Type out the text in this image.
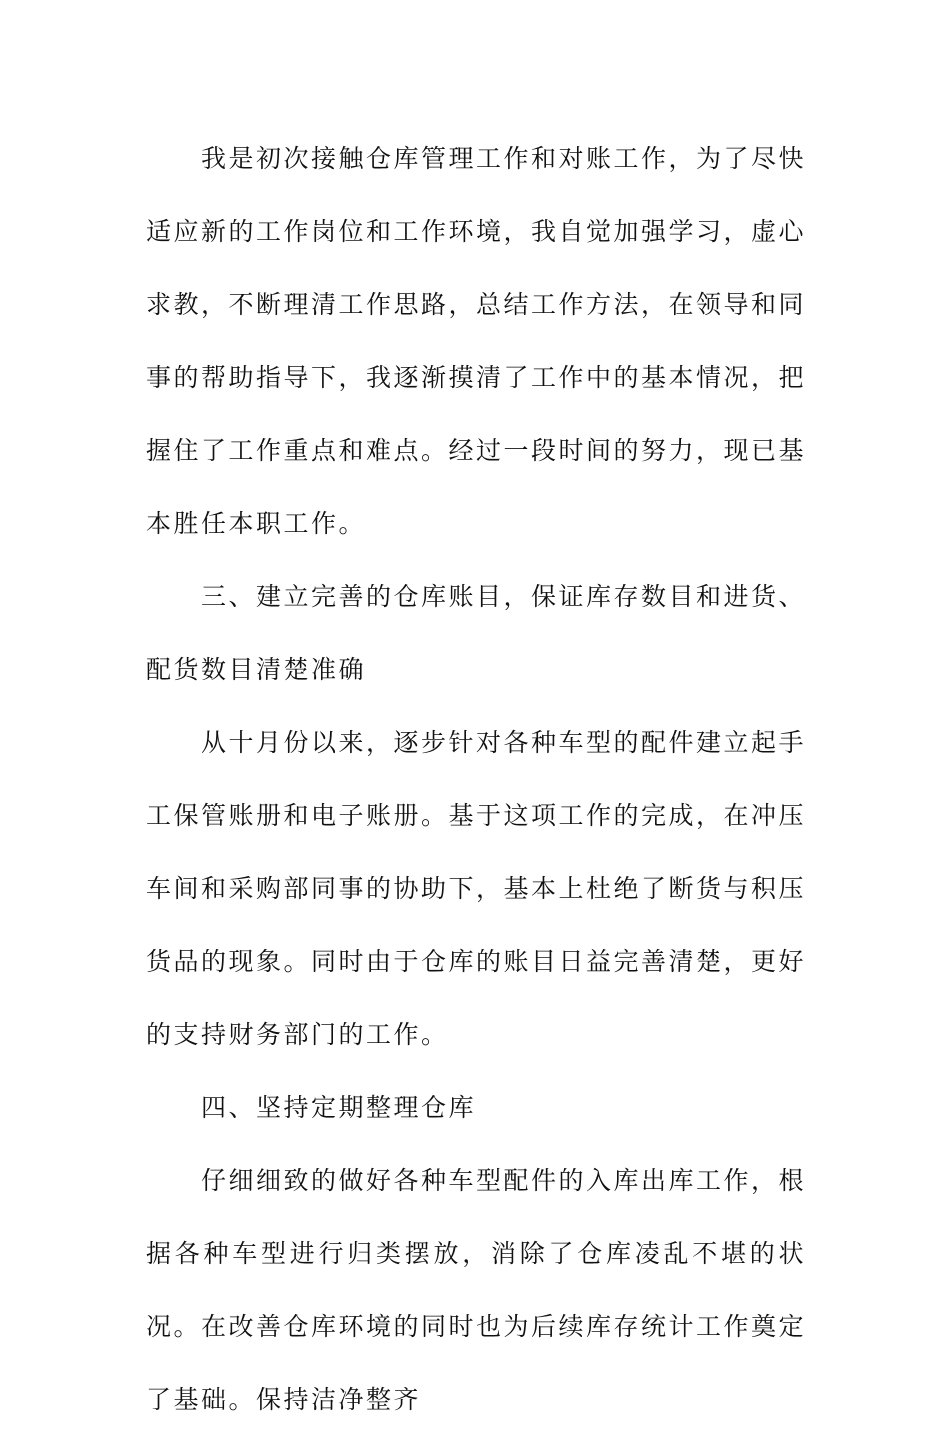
我是初次接触仓库管理工作和对账工作，为了尽快适应新的工作岗位和工作环境，我自觉加强学习，虚心求教，不断理清工作思路，总结工作方法，在领导和同事的帮助指导下，我逐渐摸清了工作中的基本情况，把握住了工作重点和难点。经过一段时间的努力，现已基本胜任本职工作。

三、建立完善的仓库账目，保证库存数目和进货、配货数目清楚准确

从十月份以来，逐步针对各种车型的配件建立起手工保管账册和电子账册。基于这项工作的完成，在冲压车间和采购部同事的协助下，基本上杜绝了断货与积压货品的现象。同时由于仓库的账目日益完善清楚，更好的支持财务部门的工作。

四、坚持定期整理仓库

仔细细致的做好各种车型配件的入库出库工作，根据各种车型进行归类摆放，消除了仓库凌乱不堪的状况。在改善仓库环境的同时也为后续库存统计工作奠定了基础。保持洁净整齐
